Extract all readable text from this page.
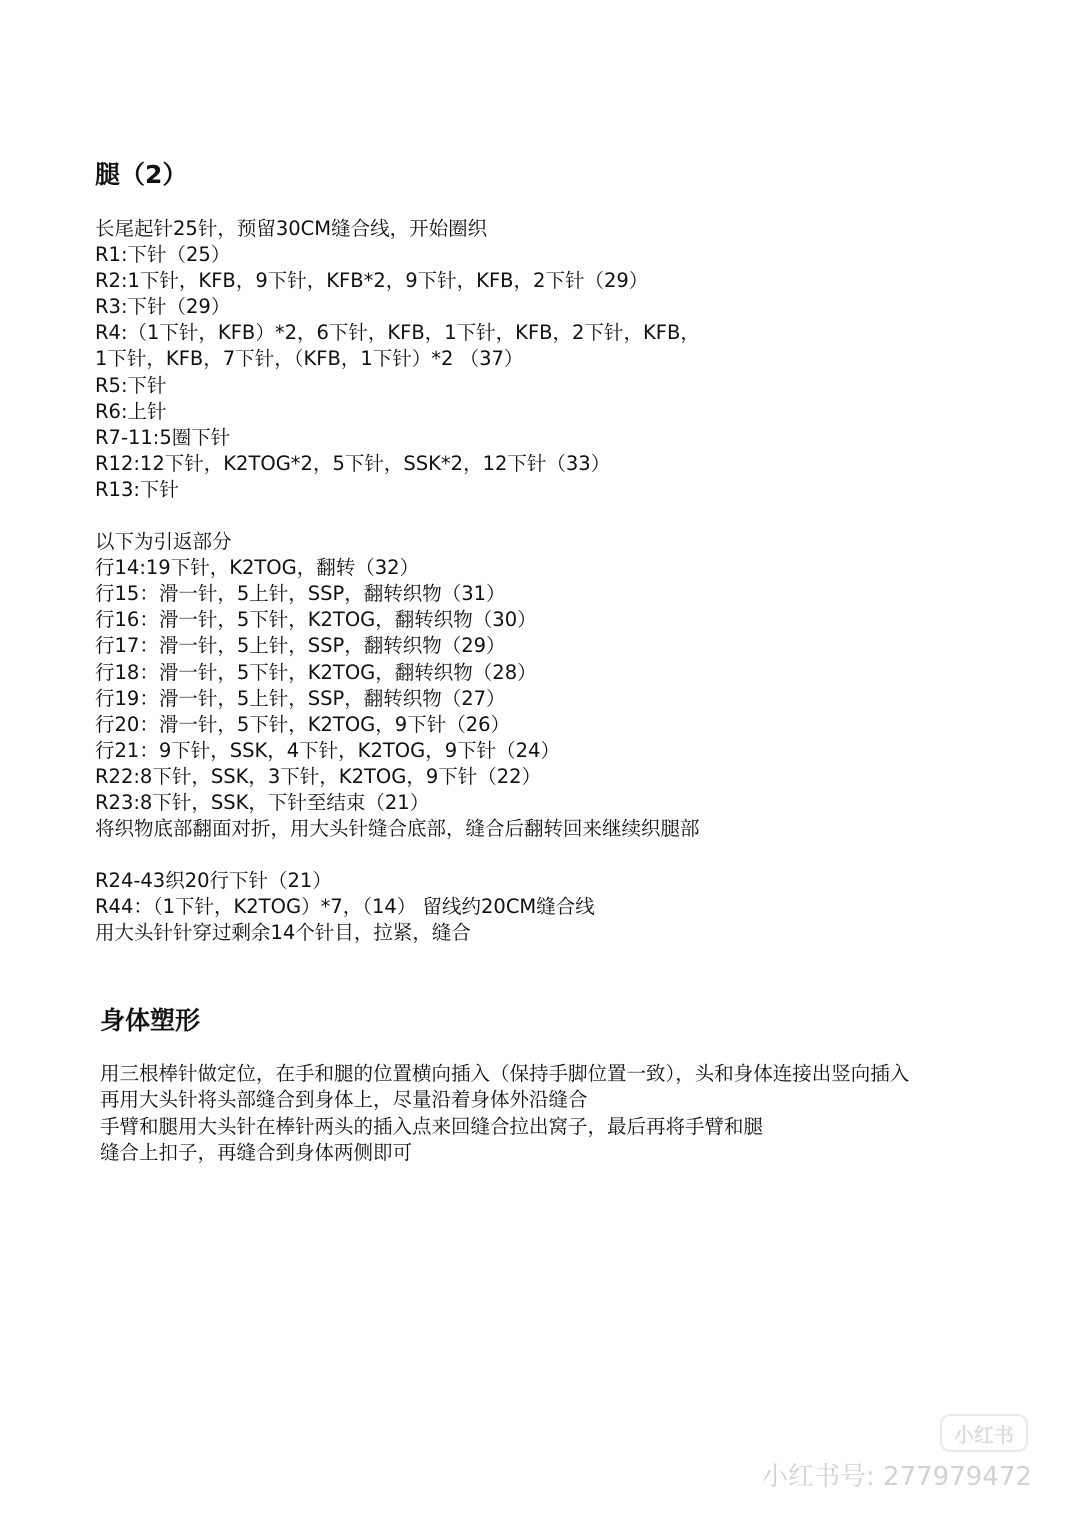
腿（2）
长尾起针25针，预留30CM缝合线，开始圈织
R1:下针（25）
R2:1下针，KFB，9下针，KFB*2，9下针，KFB，2下针（29）
R3:下针（29）
R4:（1下针，KFB）*2，6下针，KFB，1下针，KFB，2下针，KFB，
1下针，KFB，7下针，（KFB，1下针）*2 （37）
R5:下针
R6:上针
R7-11:5圈下针
R12:12下针，K2TOG*2，5下针，SSK*2，12下针（33）
R13:下针
以下为引返部分
行14:19下针，K2TOG，翻转（32）
行15：滑一针，5上针，SSP，翻转织物（31）
行16：滑一针，5下针，K2TOG，翻转织物（30）
行17：滑一针，5上针，SSP，翻转织物（29）
行18：滑一针，5下针，K2TOG，翻转织物（28）
行19：滑一针，5上针，SSP，翻转织物（27）
行20：滑一针，5下针，K2TOG，9下针（26）
行21：9下针，SSK，4下针，K2TOG，9下针（24）
R22:8下针，SSK，3下针，K2TOG，9下针（22）
R23:8下针，SSK，下针至结束（21）
将织物底部翻面对折，用大头针缝合底部，缝合后翻转回来继续织腿部
R24-43织20行下针（21）
R44：（1下针，K2TOG）*7，（14） 留线约20CM缝合线
用大头针针穿过剩余14个针目，拉紧，缝合
身体塑形
用三根棒针做定位，在手和腿的位置横向插入（保持手脚位置一致），头和身体连接出竖向插入
再用大头针将头部缝合到身体上，尽量沿着身体外沿缝合
手臂和腿用大头针在棒针两头的插入点来回缝合拉出窝子，最后再将手臂和腿
缝合上扣子，再缝合到身体两侧即可
小红书
小红书号: 277979472
